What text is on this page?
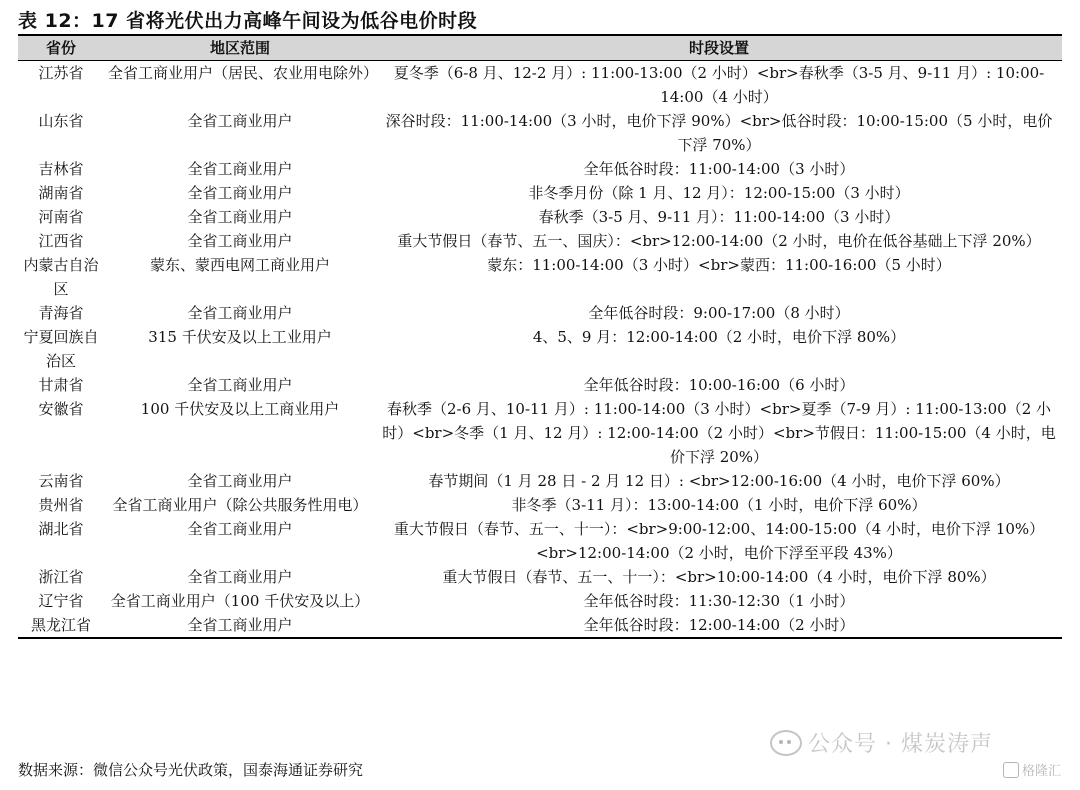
表 12：17 省将光伏出力高峰午间设为低谷电价时段
省份	地区范围	时段设置
江苏省	全省工商业用户（居民、农业用电除外）	夏冬季（6-8 月、12-2 月）: 11:00-13:00（2 小时）<br>春秋季（3-5 月、9-11 月）: 10:00-14:00（4 小时）
山东省	全省工商业用户	深谷时段：11:00-14:00（3 小时，电价下浮 90%）<br>低谷时段：10:00-15:00（5 小时，电价下浮 70%）
吉林省	全省工商业用户	全年低谷时段：11:00-14:00（3 小时）
湖南省	全省工商业用户	非冬季月份（除 1 月、12 月）：12:00-15:00（3 小时）
河南省	全省工商业用户	春秋季（3-5 月、9-11 月）：11:00-14:00（3 小时）
江西省	全省工商业用户	重大节假日（春节、五一、国庆）：<br>12:00-14:00（2 小时，电价在低谷基础上下浮 20%）
内蒙古自治区	蒙东、蒙西电网工商业用户	蒙东：11:00-14:00（3 小时）<br>蒙西：11:00-16:00（5 小时）
青海省	全省工商业用户	全年低谷时段：9:00-17:00（8 小时）
宁夏回族自治区	315 千伏安及以上工业用户	4、5、9 月：12:00-14:00（2 小时，电价下浮 80%）
甘肃省	全省工商业用户	全年低谷时段：10:00-16:00（6 小时）
安徽省	100 千伏安及以上工商业用户	春秋季（2-6 月、10-11 月）: 11:00-14:00（3 小时）<br>夏季（7-9 月）: 11:00-13:00（2 小时）<br>冬季（1 月、12 月）: 12:00-14:00（2 小时）<br>节假日：11:00-15:00（4 小时，电价下浮 20%）
云南省	全省工商业用户	春节期间（1 月 28 日 - 2 月 12 日）: <br>12:00-16:00（4 小时，电价下浮 60%）
贵州省	全省工商业用户（除公共服务性用电）	非冬季（3-11 月）：13:00-14:00（1 小时，电价下浮 60%）
湖北省	全省工商业用户	重大节假日（春节、五一、十一）：<br>9:00-12:00、14:00-15:00（4 小时，电价下浮 10%）<br>12:00-14:00（2 小时，电价下浮至平段 43%）
浙江省	全省工商业用户	重大节假日（春节、五一、十一）：<br>10:00-14:00（4 小时，电价下浮 80%）
辽宁省	全省工商业用户（100 千伏安及以上）	全年低谷时段：11:30-12:30（1 小时）
黑龙江省	全省工商业用户	全年低谷时段：12:00-14:00（2 小时）
数据来源：微信公众号光伏政策，国泰海通证券研究
公众号 · 煤炭涛声
格隆汇
